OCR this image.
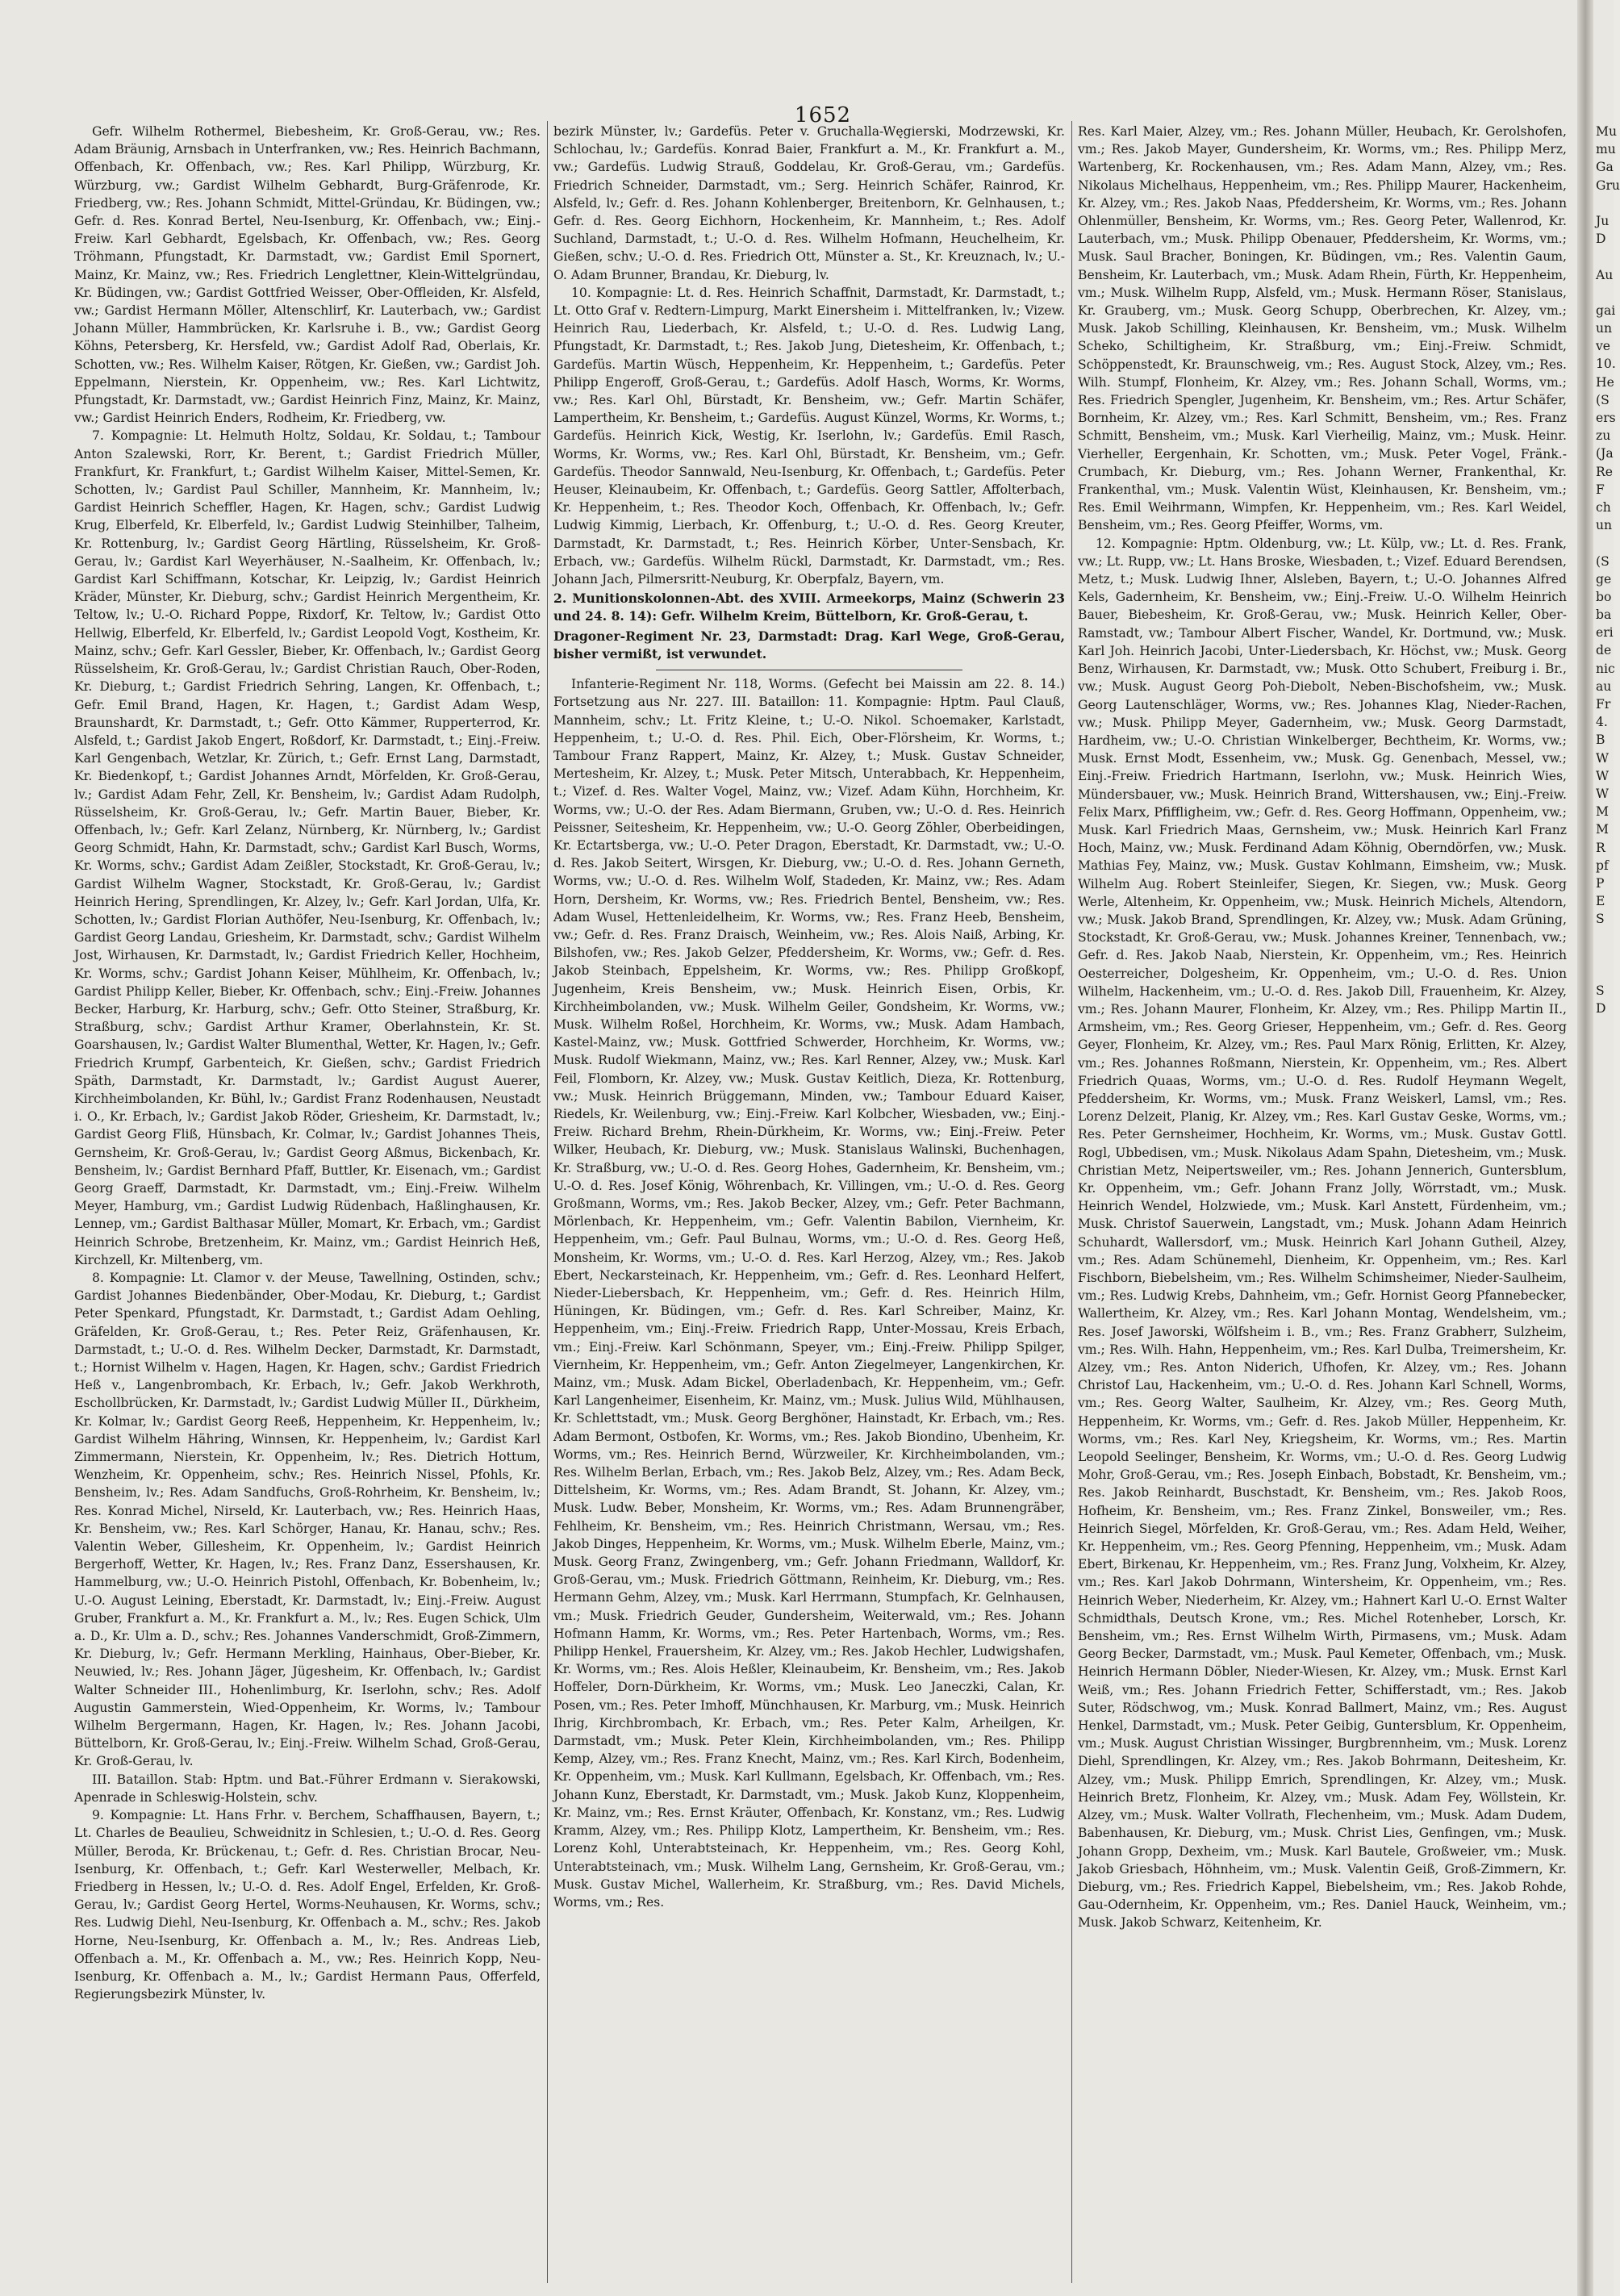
1652

Gefr. Wilhelm Rothermel, Biebesheim, Kr. Groß-Gerau, vw.; Res. Adam Bräunig, Arnsbach in Unterfranken, vw.; Res. Heinrich Bachmann, Offenbach, Kr. Offenbach, vw.; Res. Karl Philipp, Würzburg, Kr. Würzburg, vw.; Gardist Wilhelm Gebhardt, Burg-Gräfenrode, Kr. Friedberg, vw.; Res. Johann Schmidt, Mittel-Gründau, Kr. Büdingen, vw.; Gefr. d. Res. Konrad Bertel, Neu-Isenburg, Kr. Offenbach, vw.; Einj.-Freiw. Karl Gebhardt, Egelsbach, Kr. Offenbach, vw.; Res. Georg Tröhmann, Pfungstadt, Kr. Darmstadt, vw.; Gardist Emil Spornert, Mainz, Kr. Mainz, vw.; Res. Friedrich Lenglettner, Klein-Wittelgründau, Kr. Büdingen, vw.; Gardist Gottfried Weisser, Ober-Offleiden, Kr. Alsfeld, vw.; Gardist Hermann Möller, Altenschlirf, Kr. Lauterbach, vw.; Gardist Johann Müller, Hammbrücken, Kr. Karlsruhe i. B., vw.; Gardist Georg Köhns, Petersberg, Kr. Hersfeld, vw.; Gardist Adolf Rad, Oberlais, Kr. Schotten, vw.; Res. Wilhelm Kaiser, Rötgen, Kr. Gießen, vw.; Gardist Joh. Eppelmann, Nierstein, Kr. Oppenheim, vw.; Res. Karl Lichtwitz, Pfungstadt, Kr. Darmstadt, vw.; Gardist Heinrich Finz, Mainz, Kr. Mainz, vw.; Gardist Heinrich Enders, Rodheim, Kr. Friedberg, vw.

7. Kompagnie: Lt. Helmuth Holtz, Soldau, Kr. Soldau, t.; Tambour Anton Szalewski, Rorr, Kr. Berent, t.; Gardist Friedrich Müller, Frankfurt, Kr. Frankfurt, t.; Gardist Wilhelm Kaiser, Mittel-Semen, Kr. Schotten, lv.; Gardist Paul Schiller, Mannheim, Kr. Mannheim, lv.; Gardist Heinrich Scheffler, Hagen, Kr. Hagen, schv.; Gardist Ludwig Krug, Elberfeld, Kr. Elberfeld, lv.; Gardist Ludwig Steinhilber, Talheim, Kr. Rottenburg, lv.; Gardist Georg Härtling, Rüsselsheim, Kr. Groß-Gerau, lv.; Gardist Karl Weyerhäuser, N.-Saalheim, Kr. Offenbach, lv.; Gardist Karl Schiffmann, Kotschar, Kr. Leipzig, lv.; Gardist Heinrich Kräder, Münster, Kr. Dieburg, schv.; Gardist Heinrich Mergentheim, Kr. Teltow, lv.; U.-O. Richard Poppe, Rixdorf, Kr. Teltow, lv.; Gardist Otto Hellwig, Elberfeld, Kr. Elberfeld, lv.; Gardist Leopold Vogt, Kostheim, Kr. Mainz, schv.; Gefr. Karl Gessler, Bieber, Kr. Offenbach, lv.; Gardist Georg Rüsselsheim, Kr. Groß-Gerau, lv.; Gardist Christian Rauch, Ober-Roden, Kr. Dieburg, t.; Gardist Friedrich Sehring, Langen, Kr. Offenbach, t.; Gefr. Emil Brand, Hagen, Kr. Hagen, t.; Gardist Adam Wesp, Braunshardt, Kr. Darmstadt, t.; Gefr. Otto Kämmer, Rupperterrod, Kr. Alsfeld, t.; Gardist Jakob Engert, Roßdorf, Kr. Darmstadt, t.; Einj.-Freiw. Karl Gengenbach, Wetzlar, Kr. Zürich, t.; Gefr. Ernst Lang, Darmstadt, Kr. Biedenkopf, t.; Gardist Johannes Arndt, Mörfelden, Kr. Groß-Gerau, lv.; Gardist Adam Fehr, Zell, Kr. Bensheim, lv.; Gardist Adam Rudolph, Rüsselsheim, Kr. Groß-Gerau, lv.; Gefr. Martin Bauer, Bieber, Kr. Offenbach, lv.; Gefr. Karl Zelanz, Nürnberg, Kr. Nürnberg, lv.; Gardist Georg Schmidt, Hahn, Kr. Darmstadt, schv.; Gardist Karl Busch, Worms, Kr. Worms, schv.; Gardist Adam Zeißler, Stockstadt, Kr. Groß-Gerau, lv.; Gardist Wilhelm Wagner, Stockstadt, Kr. Groß-Gerau, lv.; Gardist Heinrich Hering, Sprendlingen, Kr. Alzey, lv.; Gefr. Karl Jordan, Ulfa, Kr. Schotten, lv.; Gardist Florian Authöfer, Neu-Isenburg, Kr. Offenbach, lv.; Gardist Georg Landau, Griesheim, Kr. Darmstadt, schv.; Gardist Wilhelm Jost, Wirhausen, Kr. Darmstadt, lv.; Gardist Friedrich Keller, Hochheim, Kr. Worms, schv.; Gardist Johann Keiser, Mühlheim, Kr. Offenbach, lv.; Gardist Philipp Keller, Bieber, Kr. Offenbach, schv.; Einj.-Freiw. Johannes Becker, Harburg, Kr. Harburg, schv.; Gefr. Otto Steiner, Straßburg, Kr. Straßburg, schv.; Gardist Arthur Kramer, Oberlahnstein, Kr. St. Goarshausen, lv.; Gardist Walter Blumenthal, Wetter, Kr. Hagen, lv.; Gefr. Friedrich Krumpf, Garbenteich, Kr. Gießen, schv.; Gardist Friedrich Späth, Darmstadt, Kr. Darmstadt, lv.; Gardist August Auerer, Kirchheimbolanden, Kr. Bühl, lv.; Gardist Franz Rodenhausen, Neustadt i. O., Kr. Erbach, lv.; Gardist Jakob Röder, Griesheim, Kr. Darmstadt, lv.; Gardist Georg Fliß, Hünsbach, Kr. Colmar, lv.; Gardist Johannes Theis, Gernsheim, Kr. Groß-Gerau, lv.; Gardist Georg Aßmus, Bickenbach, Kr. Bensheim, lv.; Gardist Bernhard Pfaff, Buttler, Kr. Eisenach, vm.; Gardist Georg Graeff, Darmstadt, Kr. Darmstadt, vm.; Einj.-Freiw. Wilhelm Meyer, Hamburg, vm.; Gardist Ludwig Rüdenbach, Haßlinghausen, Kr. Lennep, vm.; Gardist Balthasar Müller, Momart, Kr. Erbach, vm.; Gardist Heinrich Schrobe, Bretzenheim, Kr. Mainz, vm.; Gardist Heinrich Heß, Kirchzell, Kr. Miltenberg, vm.

8. Kompagnie: Lt. Clamor v. der Meuse, Tawellning, Ostinden, schv.; Gardist Johannes Biedenbänder, Ober-Modau, Kr. Dieburg, t.; Gardist Peter Spenkard, Pfungstadt, Kr. Darmstadt, t.; Gardist Adam Oehling, Gräfelden, Kr. Groß-Gerau, t.; Res. Peter Reiz, Gräfenhausen, Kr. Darmstadt, t.; U.-O. d. Res. Wilhelm Decker, Darmstadt, Kr. Darmstadt, t.; Hornist Wilhelm v. Hagen, Hagen, Kr. Hagen, schv.; Gardist Friedrich Heß v., Langenbrombach, Kr. Erbach, lv.; Gefr. Jakob Werkhroth, Eschollbrücken, Kr. Darmstadt, lv.; Gardist Ludwig Müller II., Dürkheim, Kr. Kolmar, lv.; Gardist Georg Reeß, Heppenheim, Kr. Heppenheim, lv.; Gardist Wilhelm Hähring, Winnsen, Kr. Heppenheim, lv.; Gardist Karl Zimmermann, Nierstein, Kr. Oppenheim, lv.; Res. Dietrich Hottum, Wenzheim, Kr. Oppenheim, schv.; Res. Heinrich Nissel, Pfohls, Kr. Bensheim, lv.; Res. Adam Sandfuchs, Groß-Rohrheim, Kr. Bensheim, lv.; Res. Konrad Michel, Nirseld, Kr. Lauterbach, vw.; Res. Heinrich Haas, Kr. Bensheim, vw.; Res. Karl Schörger, Hanau, Kr. Hanau, schv.; Res. Valentin Weber, Gillesheim, Kr. Oppenheim, lv.; Gardist Heinrich Bergerhoff, Wetter, Kr. Hagen, lv.; Res. Franz Danz, Essershausen, Kr. Hammelburg, vw.; U.-O. Heinrich Pistohl, Offenbach, Kr. Bobenheim, lv.; U.-O. August Leining, Eberstadt, Kr. Darmstadt, lv.; Einj.-Freiw. August Gruber, Frankfurt a. M., Kr. Frankfurt a. M., lv.; Res. Eugen Schick, Ulm a. D., Kr. Ulm a. D., schv.; Res. Johannes Vanderschmidt, Groß-Zimmern, Kr. Dieburg, lv.; Gefr. Hermann Merkling, Hainhaus, Ober-Bieber, Kr. Neuwied, lv.; Res. Johann Jäger, Jügesheim, Kr. Offenbach, lv.; Gardist Walter Schneider III., Hohenlimburg, Kr. Iserlohn, schv.; Res. Adolf Augustin Gammerstein, Wied-Oppenheim, Kr. Worms, lv.; Tambour Wilhelm Bergermann, Hagen, Kr. Hagen, lv.; Res. Johann Jacobi, Büttelborn, Kr. Groß-Gerau, lv.; Einj.-Freiw. Wilhelm Schad, Groß-Gerau, Kr. Groß-Gerau, lv.

III. Bataillon. Stab: Hptm. und Bat.-Führer Erdmann v. Sierakowski, Apenrade in Schleswig-Holstein, schv.

9. Kompagnie: Lt. Hans Frhr. v. Berchem, Schaffhausen, Bayern, t.; Lt. Charles de Beaulieu, Schweidnitz in Schlesien, t.; U.-O. d. Res. Georg Müller, Beroda, Kr. Brückenau, t.; Gefr. d. Res. Christian Brocar, Neu-Isenburg, Kr. Offenbach, t.; Gefr. Karl Westerweller, Melbach, Kr. Friedberg in Hessen, lv.; U.-O. d. Res. Adolf Engel, Erfelden, Kr. Groß-Gerau, lv.; Gardist Georg Hertel, Worms-Neuhausen, Kr. Worms, schv.; Res. Ludwig Diehl, Neu-Isenburg, Kr. Offenbach a. M., schv.; Res. Jakob Horne, Neu-Isenburg, Kr. Offenbach a. M., lv.; Res. Andreas Lieb, Offenbach a. M., Kr. Offenbach a. M., vw.; Res. Heinrich Kopp, Neu-Isenburg, Kr. Offenbach a. M., lv.; Gardist Hermann Paus, Offerfeld, Regierungsbezirk Münster, lv.

bezirk Münster, lv.; Gardefüs. Peter v. Gruchalla-Węgierski, Modrzewski, Kr. Schlochau, lv.; Gardefüs. Konrad Baier, Frankfurt a. M., Kr. Frankfurt a. M., vw.; Gardefüs. Ludwig Strauß, Goddelau, Kr. Groß-Gerau, vm.; Gardefüs. Friedrich Schneider, Darmstadt, vm.; Serg. Heinrich Schäfer, Rainrod, Kr. Alsfeld, lv.; Gefr. d. Res. Johann Kohlenberger, Breitenborn, Kr. Gelnhausen, t.; Gefr. d. Res. Georg Eichhorn, Hockenheim, Kr. Mannheim, t.; Res. Adolf Suchland, Darmstadt, t.; U.-O. d. Res. Wilhelm Hofmann, Heuchelheim, Kr. Gießen, schv.; U.-O. d. Res. Friedrich Ott, Münster a. St., Kr. Kreuznach, lv.; U.-O. Adam Brunner, Brandau, Kr. Dieburg, lv.

10. Kompagnie: Lt. d. Res. Heinrich Schaffnit, Darmstadt, Kr. Darmstadt, t.; Lt. Otto Graf v. Redtern-Limpurg, Markt Einersheim i. Mittelfranken, lv.; Vizew. Heinrich Rau, Liederbach, Kr. Alsfeld, t.; U.-O. d. Res. Ludwig Lang, Pfungstadt, Kr. Darmstadt, t.; Res. Jakob Jung, Dietesheim, Kr. Offenbach, t.; Gardefüs. Martin Wüsch, Heppenheim, Kr. Heppenheim, t.; Gardefüs. Peter Philipp Engeroff, Groß-Gerau, t.; Gardefüs. Adolf Hasch, Worms, Kr. Worms, vw.; Res. Karl Ohl, Bürstadt, Kr. Bensheim, vw.; Gefr. Martin Schäfer, Lampertheim, Kr. Bensheim, t.; Gardefüs. August Künzel, Worms, Kr. Worms, t.; Gardefüs. Heinrich Kick, Westig, Kr. Iserlohn, lv.; Gardefüs. Emil Rasch, Worms, Kr. Worms, vw.; Res. Karl Ohl, Bürstadt, Kr. Bensheim, vm.; Gefr. Gardefüs. Theodor Sannwald, Neu-Isenburg, Kr. Offenbach, t.; Gardefüs. Peter Heuser, Kleinaubeim, Kr. Offenbach, t.; Gardefüs. Georg Sattler, Affolterbach, Kr. Heppenheim, t.; Res. Theodor Koch, Offenbach, Kr. Offenbach, lv.; Gefr. Ludwig Kimmig, Lierbach, Kr. Offenburg, t.; U.-O. d. Res. Georg Kreuter, Darmstadt, Kr. Darmstadt, t.; Res. Heinrich Körber, Unter-Sensbach, Kr. Erbach, vw.; Gardefüs. Wilhelm Rückl, Darmstadt, Kr. Darmstadt, vm.; Res. Johann Jach, Pilmersritt-Neuburg, Kr. Oberpfalz, Bayern, vm.

2. Munitionskolonnen-Abt. des XVIII. Armeekorps, Mainz (Schwerin 23 und 24. 8. 14): Gefr. Wilhelm Kreim, Büttelborn, Kr. Groß-Gerau, t.

Dragoner-Regiment Nr. 23, Darmstadt: Drag. Karl Wege, Groß-Gerau, bisher vermißt, ist verwundet.

Infanterie-Regiment Nr. 118, Worms. (Gefecht bei Maissin am 22. 8. 14.) Fortsetzung aus Nr. 227. III. Bataillon: 11. Kompagnie: Hptm. Paul Clauß, Mannheim, schv.; Lt. Fritz Kleine, t.; U.-O. Nikol. Schoemaker, Karlstadt, Heppenheim, t.; U.-O. d. Res. Phil. Eich, Ober-Flörsheim, Kr. Worms, t.; Tambour Franz Rappert, Mainz, Kr. Alzey, t.; Musk. Gustav Schneider, Mertesheim, Kr. Alzey, t.; Musk. Peter Mitsch, Unterabbach, Kr. Heppenheim, t.; Vizef. d. Res. Walter Vogel, Mainz, vw.; Vizef. Adam Kühn, Horchheim, Kr. Worms, vw.; U.-O. der Res. Adam Biermann, Gruben, vw.; U.-O. d. Res. Heinrich Peissner, Seitesheim, Kr. Heppenheim, vw.; U.-O. Georg Zöhler, Oberbeidingen, Kr. Ectartsberga, vw.; U.-O. Peter Dragon, Eberstadt, Kr. Darmstadt, vw.; U.-O. d. Res. Jakob Seitert, Wirsgen, Kr. Dieburg, vw.; U.-O. d. Res. Johann Gerneth, Worms, vw.; U.-O. d. Res. Wilhelm Wolf, Stadeden, Kr. Mainz, vw.; Res. Adam Horn, Dersheim, Kr. Worms, vw.; Res. Friedrich Bentel, Bensheim, vw.; Res. Adam Wusel, Hettenleidelheim, Kr. Worms, vw.; Res. Franz Heeb, Bensheim, vw.; Gefr. d. Res. Franz Draisch, Weinheim, vw.; Res. Alois Naiß, Arbing, Kr. Bilshofen, vw.; Res. Jakob Gelzer, Pfeddersheim, Kr. Worms, vw.; Gefr. d. Res. Jakob Steinbach, Eppelsheim, Kr. Worms, vw.; Res. Philipp Großkopf, Jugenheim, Kreis Bensheim, vw.; Musk. Heinrich Eisen, Orbis, Kr. Kirchheimbolanden, vw.; Musk. Wilhelm Geiler, Gondsheim, Kr. Worms, vw.; Musk. Wilhelm Roßel, Horchheim, Kr. Worms, vw.; Musk. Adam Hambach, Kastel-Mainz, vw.; Musk. Gottfried Schwerder, Horchheim, Kr. Worms, vw.; Musk. Rudolf Wiekmann, Mainz, vw.; Res. Karl Renner, Alzey, vw.; Musk. Karl Feil, Flomborn, Kr. Alzey, vw.; Musk. Gustav Keitlich, Dieza, Kr. Rottenburg, vw.; Musk. Heinrich Brüggemann, Minden, vw.; Tambour Eduard Kaiser, Riedels, Kr. Weilenburg, vw.; Einj.-Freiw. Karl Kolbcher, Wiesbaden, vw.; Einj.-Freiw. Richard Brehm, Rhein-Dürkheim, Kr. Worms, vw.; Einj.-Freiw. Peter Wilker, Heubach, Kr. Dieburg, vw.; Musk. Stanislaus Walinski, Buchenhagen, Kr. Straßburg, vw.; U.-O. d. Res. Georg Hohes, Gadernheim, Kr. Bensheim, vm.; U.-O. d. Res. Josef König, Wöhrenbach, Kr. Villingen, vm.; U.-O. d. Res. Georg Großmann, Worms, vm.; Res. Jakob Becker, Alzey, vm.; Gefr. Peter Bachmann, Mörlenbach, Kr. Heppenheim, vm.; Gefr. Valentin Babilon, Viernheim, Kr. Heppenheim, vm.; Gefr. Paul Bulnau, Worms, vm.; U.-O. d. Res. Georg Heß, Monsheim, Kr. Worms, vm.; U.-O. d. Res. Karl Herzog, Alzey, vm.; Res. Jakob Ebert, Neckarsteinach, Kr. Heppenheim, vm.; Gefr. d. Res. Leonhard Helfert, Nieder-Liebersbach, Kr. Heppenheim, vm.; Gefr. d. Res. Heinrich Hilm, Hüningen, Kr. Büdingen, vm.; Gefr. d. Res. Karl Schreiber, Mainz, Kr. Heppenheim, vm.; Einj.-Freiw. Friedrich Rapp, Unter-Mossau, Kreis Erbach, vm.; Einj.-Freiw. Karl Schönmann, Speyer, vm.; Einj.-Freiw. Philipp Spilger, Viernheim, Kr. Heppenheim, vm.; Gefr. Anton Ziegelmeyer, Langenkirchen, Kr. Mainz, vm.; Musk. Adam Bickel, Oberladenbach, Kr. Heppenheim, vm.; Gefr. Karl Langenheimer, Eisenheim, Kr. Mainz, vm.; Musk. Julius Wild, Mühlhausen, Kr. Schlettstadt, vm.; Musk. Georg Berghöner, Hainstadt, Kr. Erbach, vm.; Res. Adam Bermont, Ostbofen, Kr. Worms, vm.; Res. Jakob Biondino, Ubenheim, Kr. Worms, vm.; Res. Heinrich Bernd, Würzweiler, Kr. Kirchheimbolanden, vm.; Res. Wilhelm Berlan, Erbach, vm.; Res. Jakob Belz, Alzey, vm.; Res. Adam Beck, Dittelsheim, Kr. Worms, vm.; Res. Adam Brandt, St. Johann, Kr. Alzey, vm.; Musk. Ludw. Beber, Monsheim, Kr. Worms, vm.; Res. Adam Brunnengräber, Fehlheim, Kr. Bensheim, vm.; Res. Heinrich Christmann, Wersau, vm.; Res. Jakob Dinges, Heppenheim, Kr. Worms, vm.; Musk. Wilhelm Eberle, Mainz, vm.; Musk. Georg Franz, Zwingenberg, vm.; Gefr. Johann Friedmann, Walldorf, Kr. Groß-Gerau, vm.; Musk. Friedrich Göttmann, Reinheim, Kr. Dieburg, vm.; Res. Hermann Gehm, Alzey, vm.; Musk. Karl Herrmann, Stumpfach, Kr. Gelnhausen, vm.; Musk. Friedrich Geuder, Gundersheim, Weiterwald, vm.; Res. Johann Hofmann Hamm, Kr. Worms, vm.; Res. Peter Hartenbach, Worms, vm.; Res. Philipp Henkel, Frauersheim, Kr. Alzey, vm.; Res. Jakob Hechler, Ludwigshafen, Kr. Worms, vm.; Res. Alois Heßler, Kleinaubeim, Kr. Bensheim, vm.; Res. Jakob Hoffeler, Dorn-Dürkheim, Kr. Worms, vm.; Musk. Leo Janeczki, Calan, Kr. Posen, vm.; Res. Peter Imhoff, Münchhausen, Kr. Marburg, vm.; Musk. Heinrich Ihrig, Kirchbrombach, Kr. Erbach, vm.; Res. Peter Kalm, Arheilgen, Kr. Darmstadt, vm.; Musk. Peter Klein, Kirchheimbolanden, vm.; Res. Philipp Kemp, Alzey, vm.; Res. Franz Knecht, Mainz, vm.; Res. Karl Kirch, Bodenheim, Kr. Oppenheim, vm.; Musk. Karl Kullmann, Egelsbach, Kr. Offenbach, vm.; Res. Johann Kunz, Eberstadt, Kr. Darmstadt, vm.; Musk. Jakob Kunz, Kloppenheim, Kr. Mainz, vm.; Res. Ernst Kräuter, Offenbach, Kr. Konstanz, vm.; Res. Ludwig Kramm, Alzey, vm.; Res. Philipp Klotz, Lampertheim, Kr. Bensheim, vm.; Res. Lorenz Kohl, Unterabtsteinach, Kr. Heppenheim, vm.; Res. Georg Kohl, Unterabtsteinach, vm.; Musk. Wilhelm Lang, Gernsheim, Kr. Groß-Gerau, vm.; Musk. Gustav Michel, Wallerheim, Kr. Straßburg, vm.; Res. David Michels, Worms, vm.; Res.

Res. Karl Maier, Alzey, vm.; Res. Johann Müller, Heubach, Kr. Gerolshofen, vm.; Res. Jakob Mayer, Gundersheim, Kr. Worms, vm.; Res. Philipp Merz, Wartenberg, Kr. Rockenhausen, vm.; Res. Adam Mann, Alzey, vm.; Res. Nikolaus Michelhaus, Heppenheim, vm.; Res. Philipp Maurer, Hackenheim, Kr. Alzey, vm.; Res. Jakob Naas, Pfeddersheim, Kr. Worms, vm.; Res. Johann Ohlenmüller, Bensheim, Kr. Worms, vm.; Res. Georg Peter, Wallenrod, Kr. Lauterbach, vm.; Musk. Philipp Obenauer, Pfeddersheim, Kr. Worms, vm.; Musk. Saul Bracher, Boningen, Kr. Büdingen, vm.; Res. Valentin Gaum, Bensheim, Kr. Lauterbach, vm.; Musk. Adam Rhein, Fürth, Kr. Heppenheim, vm.; Musk. Wilhelm Rupp, Alsfeld, vm.; Musk. Hermann Röser, Stanislaus, Kr. Grauberg, vm.; Musk. Georg Schupp, Oberbrechen, Kr. Alzey, vm.; Musk. Jakob Schilling, Kleinhausen, Kr. Bensheim, vm.; Musk. Wilhelm Scheko, Schiltigheim, Kr. Straßburg, vm.; Einj.-Freiw. Schmidt, Schöppenstedt, Kr. Braunschweig, vm.; Res. August Stock, Alzey, vm.; Res. Wilh. Stumpf, Flonheim, Kr. Alzey, vm.; Res. Johann Schall, Worms, vm.; Res. Friedrich Spengler, Jugenheim, Kr. Bensheim, vm.; Res. Artur Schäfer, Bornheim, Kr. Alzey, vm.; Res. Karl Schmitt, Bensheim, vm.; Res. Franz Schmitt, Bensheim, vm.; Musk. Karl Vierheilig, Mainz, vm.; Musk. Heinr. Vierheller, Eergenhain, Kr. Schotten, vm.; Musk. Peter Vogel, Fränk.-Crumbach, Kr. Dieburg, vm.; Res. Johann Werner, Frankenthal, Kr. Frankenthal, vm.; Musk. Valentin Wüst, Kleinhausen, Kr. Bensheim, vm.; Res. Emil Weihrmann, Wimpfen, Kr. Heppenheim, vm.; Res. Karl Weidel, Bensheim, vm.; Res. Georg Pfeiffer, Worms, vm.

12. Kompagnie: Hptm. Oldenburg, vw.; Lt. Külp, vw.; Lt. d. Res. Frank, vw.; Lt. Rupp, vw.; Lt. Hans Broske, Wiesbaden, t.; Vizef. Eduard Berendsen, Metz, t.; Musk. Ludwig Ihner, Alsleben, Bayern, t.; U.-O. Johannes Alfred Kels, Gadernheim, Kr. Bensheim, vw.; Einj.-Freiw. U.-O. Wilhelm Heinrich Bauer, Biebesheim, Kr. Groß-Gerau, vw.; Musk. Heinrich Keller, Ober-Ramstadt, vw.; Tambour Albert Fischer, Wandel, Kr. Dortmund, vw.; Musk. Karl Joh. Heinrich Jacobi, Unter-Liedersbach, Kr. Höchst, vw.; Musk. Georg Benz, Wirhausen, Kr. Darmstadt, vw.; Musk. Otto Schubert, Freiburg i. Br., vw.; Musk. August Georg Poh-Diebolt, Neben-Bischofsheim, vw.; Musk. Georg Lautenschläger, Worms, vw.; Res. Johannes Klag, Nieder-Rachen, vw.; Musk. Philipp Meyer, Gadernheim, vw.; Musk. Georg Darmstadt, Hardheim, vw.; U.-O. Christian Winkelberger, Bechtheim, Kr. Worms, vw.; Musk. Ernst Modt, Essenheim, vw.; Musk. Gg. Genenbach, Messel, vw.; Einj.-Freiw. Friedrich Hartmann, Iserlohn, vw.; Musk. Heinrich Wies, Mündersbauer, vw.; Musk. Heinrich Brand, Wittershausen, vw.; Einj.-Freiw. Felix Marx, Pfiffligheim, vw.; Gefr. d. Res. Georg Hoffmann, Oppenheim, vw.; Musk. Karl Friedrich Maas, Gernsheim, vw.; Musk. Heinrich Karl Franz Hoch, Mainz, vw.; Musk. Ferdinand Adam Köhnig, Oberndörfen, vw.; Musk. Mathias Fey, Mainz, vw.; Musk. Gustav Kohlmann, Eimsheim, vw.; Musk. Wilhelm Aug. Robert Steinleifer, Siegen, Kr. Siegen, vw.; Musk. Georg Werle, Altenheim, Kr. Oppenheim, vw.; Musk. Heinrich Michels, Altendorn, vw.; Musk. Jakob Brand, Sprendlingen, Kr. Alzey, vw.; Musk. Adam Grüning, Stockstadt, Kr. Groß-Gerau, vw.; Musk. Johannes Kreiner, Tennenbach, vw.; Gefr. d. Res. Jakob Naab, Nierstein, Kr. Oppenheim, vm.; Res. Heinrich Oesterreicher, Dolgesheim, Kr. Oppenheim, vm.; U.-O. d. Res. Union Wilhelm, Hackenheim, vm.; U.-O. d. Res. Jakob Dill, Frauenheim, Kr. Alzey, vm.; Res. Johann Maurer, Flonheim, Kr. Alzey, vm.; Res. Philipp Martin II., Armsheim, vm.; Res. Georg Grieser, Heppenheim, vm.; Gefr. d. Res. Georg Geyer, Flonheim, Kr. Alzey, vm.; Res. Paul Marx Rönig, Erlitten, Kr. Alzey, vm.; Res. Johannes Roßmann, Nierstein, Kr. Oppenheim, vm.; Res. Albert Friedrich Quaas, Worms, vm.; U.-O. d. Res. Rudolf Heymann Wegelt, Pfeddersheim, Kr. Worms, vm.; Musk. Franz Weiskerl, Lamsl, vm.; Res. Lorenz Delzeit, Planig, Kr. Alzey, vm.; Res. Karl Gustav Geske, Worms, vm.; Res. Peter Gernsheimer, Hochheim, Kr. Worms, vm.; Musk. Gustav Gottl. Rogl, Ubbedisen, vm.; Musk. Nikolaus Adam Spahn, Dietesheim, vm.; Musk. Christian Metz, Neipertsweiler, vm.; Res. Johann Jennerich, Guntersblum, Kr. Oppenheim, vm.; Gefr. Johann Franz Jolly, Wörrstadt, vm.; Musk. Heinrich Wendel, Holzwiede, vm.; Musk. Karl Anstett, Fürdenheim, vm.; Musk. Christof Sauerwein, Langstadt, vm.; Musk. Johann Adam Heinrich Schuhardt, Wallersdorf, vm.; Musk. Heinrich Karl Johann Gutheil, Alzey, vm.; Res. Adam Schünemehl, Dienheim, Kr. Oppenheim, vm.; Res. Karl Fischborn, Biebelsheim, vm.; Res. Wilhelm Schimsheimer, Nieder-Saulheim, vm.; Res. Ludwig Krebs, Dahnheim, vm.; Gefr. Hornist Georg Pfannebecker, Wallertheim, Kr. Alzey, vm.; Res. Karl Johann Montag, Wendelsheim, vm.; Res. Josef Jaworski, Wölfsheim i. B., vm.; Res. Franz Grabherr, Sulzheim, vm.; Res. Wilh. Hahn, Heppenheim, vm.; Res. Karl Dulba, Treimersheim, Kr. Alzey, vm.; Res. Anton Niderich, Ufhofen, Kr. Alzey, vm.; Res. Johann Christof Lau, Hackenheim, vm.; U.-O. d. Res. Johann Karl Schnell, Worms, vm.; Res. Georg Walter, Saulheim, Kr. Alzey, vm.; Res. Georg Muth, Heppenheim, Kr. Worms, vm.; Gefr. d. Res. Jakob Müller, Heppenheim, Kr. Worms, vm.; Res. Karl Ney, Kriegsheim, Kr. Worms, vm.; Res. Martin Leopold Seelinger, Bensheim, Kr. Worms, vm.; U.-O. d. Res. Georg Ludwig Mohr, Groß-Gerau, vm.; Res. Joseph Einbach, Bobstadt, Kr. Bensheim, vm.; Res. Jakob Reinhardt, Buschstadt, Kr. Bensheim, vm.; Res. Jakob Roos, Hofheim, Kr. Bensheim, vm.; Res. Franz Zinkel, Bonsweiler, vm.; Res. Heinrich Siegel, Mörfelden, Kr. Groß-Gerau, vm.; Res. Adam Held, Weiher, Kr. Heppenheim, vm.; Res. Georg Pfenning, Heppenheim, vm.; Musk. Adam Ebert, Birkenau, Kr. Heppenheim, vm.; Res. Franz Jung, Volxheim, Kr. Alzey, vm.; Res. Karl Jakob Dohrmann, Wintersheim, Kr. Oppenheim, vm.; Res. Heinrich Weber, Niederheim, Kr. Alzey, vm.; Hahnert Karl U.-O. Ernst Walter Schmidthals, Deutsch Krone, vm.; Res. Michel Rotenheber, Lorsch, Kr. Bensheim, vm.; Res. Ernst Wilhelm Wirth, Pirmasens, vm.; Musk. Adam Georg Becker, Darmstadt, vm.; Musk. Paul Kemeter, Offenbach, vm.; Musk. Heinrich Hermann Döbler, Nieder-Wiesen, Kr. Alzey, vm.; Musk. Ernst Karl Weiß, vm.; Res. Johann Friedrich Fetter, Schifferstadt, vm.; Res. Jakob Suter, Rödschwog, vm.; Musk. Konrad Ballmert, Mainz, vm.; Res. August Henkel, Darmstadt, vm.; Musk. Peter Geibig, Guntersblum, Kr. Oppenheim, vm.; Musk. August Christian Wissinger, Burgbrennheim, vm.; Musk. Lorenz Diehl, Sprendlingen, Kr. Alzey, vm.; Res. Jakob Bohrmann, Deitesheim, Kr. Alzey, vm.; Musk. Philipp Emrich, Sprendlingen, Kr. Alzey, vm.; Musk. Heinrich Bretz, Flonheim, Kr. Alzey, vm.; Musk. Adam Fey, Wöllstein, Kr. Alzey, vm.; Musk. Walter Vollrath, Flechenheim, vm.; Musk. Adam Dudem, Babenhausen, Kr. Dieburg, vm.; Musk. Christ Lies, Genfingen, vm.; Musk. Johann Gropp, Dexheim, vm.; Musk. Karl Bautele, Großweier, vm.; Musk. Jakob Griesbach, Höhnheim, vm.; Musk. Valentin Geiß, Groß-Zimmern, Kr. Dieburg, vm.; Res. Friedrich Kappel, Biebelsheim, vm.; Res. Jakob Rohde, Gau-Odernheim, Kr. Oppenheim, vm.; Res. Daniel Hauck, Weinheim, vm.; Musk. Jakob Schwarz, Keitenheim, Kr.

Mu
mu
Ga
Gru
Ju
D
Au
gai
un
ve
10.
He
(S
ers
zu
(Ja
Re
F
ch
un
(S
ge
bo
ba
eri
de
nic
au
Fr
4.
B
W
W
W
M
M
R
pf
P
E
S
S
D
